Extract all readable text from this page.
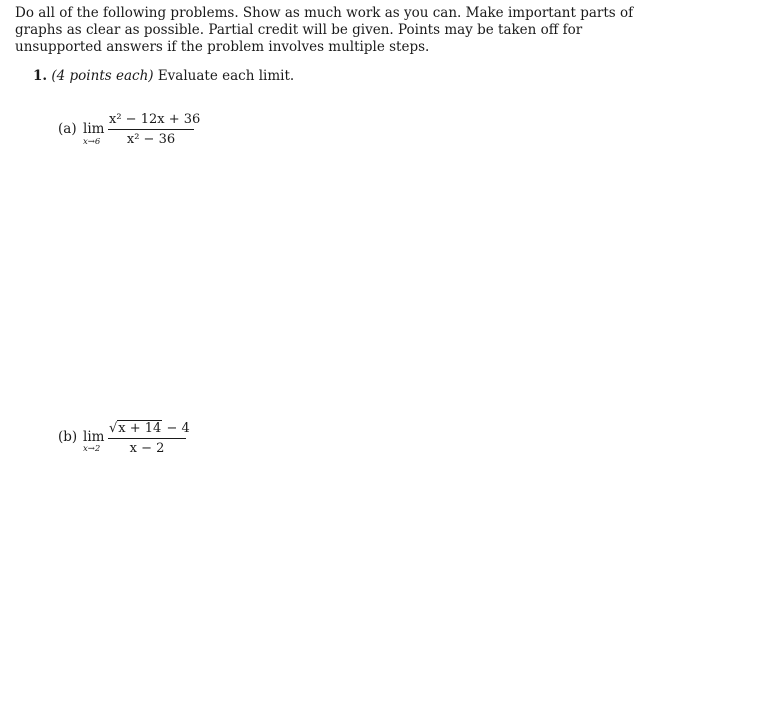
Do all of the following problems. Show as much work as you can. Make important parts of graphs as clear as possible. Partial credit will be given. Points may be taken off for unsupported answers if the problem involves multiple steps.

1. (4 points each) Evaluate each limit.
(a) lim
x→6
x² − 12x + 36
x² − 36
(b) lim
x→2
√x + 14 − 4
x − 2
